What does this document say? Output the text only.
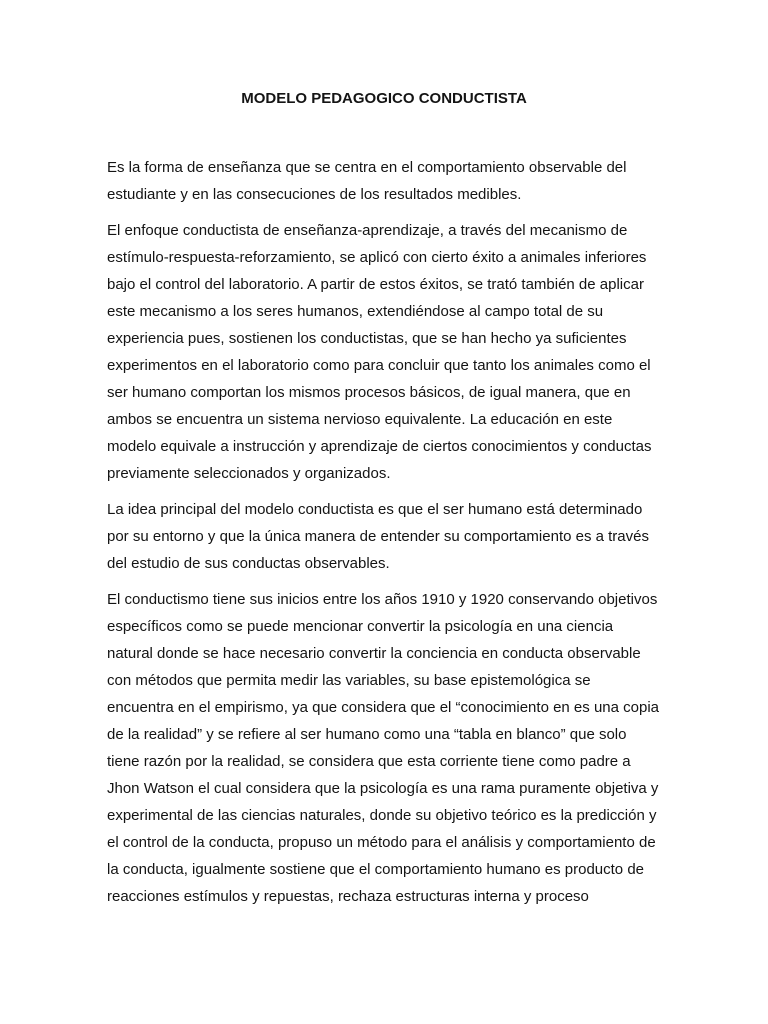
MODELO PEDAGOGICO CONDUCTISTA

Es la forma de enseñanza que se centra en el comportamiento observable del
estudiante y en las consecuciones de los resultados medibles.

El enfoque conductista de enseñanza-aprendizaje, a través del mecanismo de
estímulo-respuesta-reforzamiento, se aplicó con cierto éxito a animales inferiores
bajo el control del laboratorio. A partir de estos éxitos, se trató también de aplicar
este mecanismo a los seres humanos, extendiéndose al campo total de su
experiencia pues, sostienen los conductistas, que se han hecho ya suficientes
experimentos en el laboratorio como para concluir que tanto los animales como el
ser humano comportan los mismos procesos básicos, de igual manera, que en
ambos se encuentra un sistema nervioso equivalente. La educación en este
modelo equivale a instrucción y aprendizaje de ciertos conocimientos y conductas
previamente seleccionados y organizados.

La idea principal del modelo conductista es que el ser humano está determinado
por su entorno y que la única manera de entender su comportamiento es a través
del estudio de sus conductas observables.

El conductismo tiene sus inicios entre los años 1910 y 1920 conservando objetivos
específicos como se puede mencionar convertir la psicología en una ciencia
natural donde se hace necesario convertir la conciencia en conducta observable
con métodos que permita medir las variables, su base epistemológica se
encuentra en el empirismo, ya que considera que el “conocimiento en es una copia
de la realidad” y se refiere al ser humano como una “tabla en blanco” que solo
tiene razón por la realidad, se considera que esta corriente tiene como padre a
Jhon Watson el cual considera que la psicología es una rama puramente objetiva y
experimental de las ciencias naturales, donde su objetivo teórico es la predicción y
el control de la conducta, propuso un método para el análisis y comportamiento de
la conducta, igualmente sostiene que el comportamiento humano es producto de
reacciones estímulos y repuestas, rechaza estructuras interna y proceso
